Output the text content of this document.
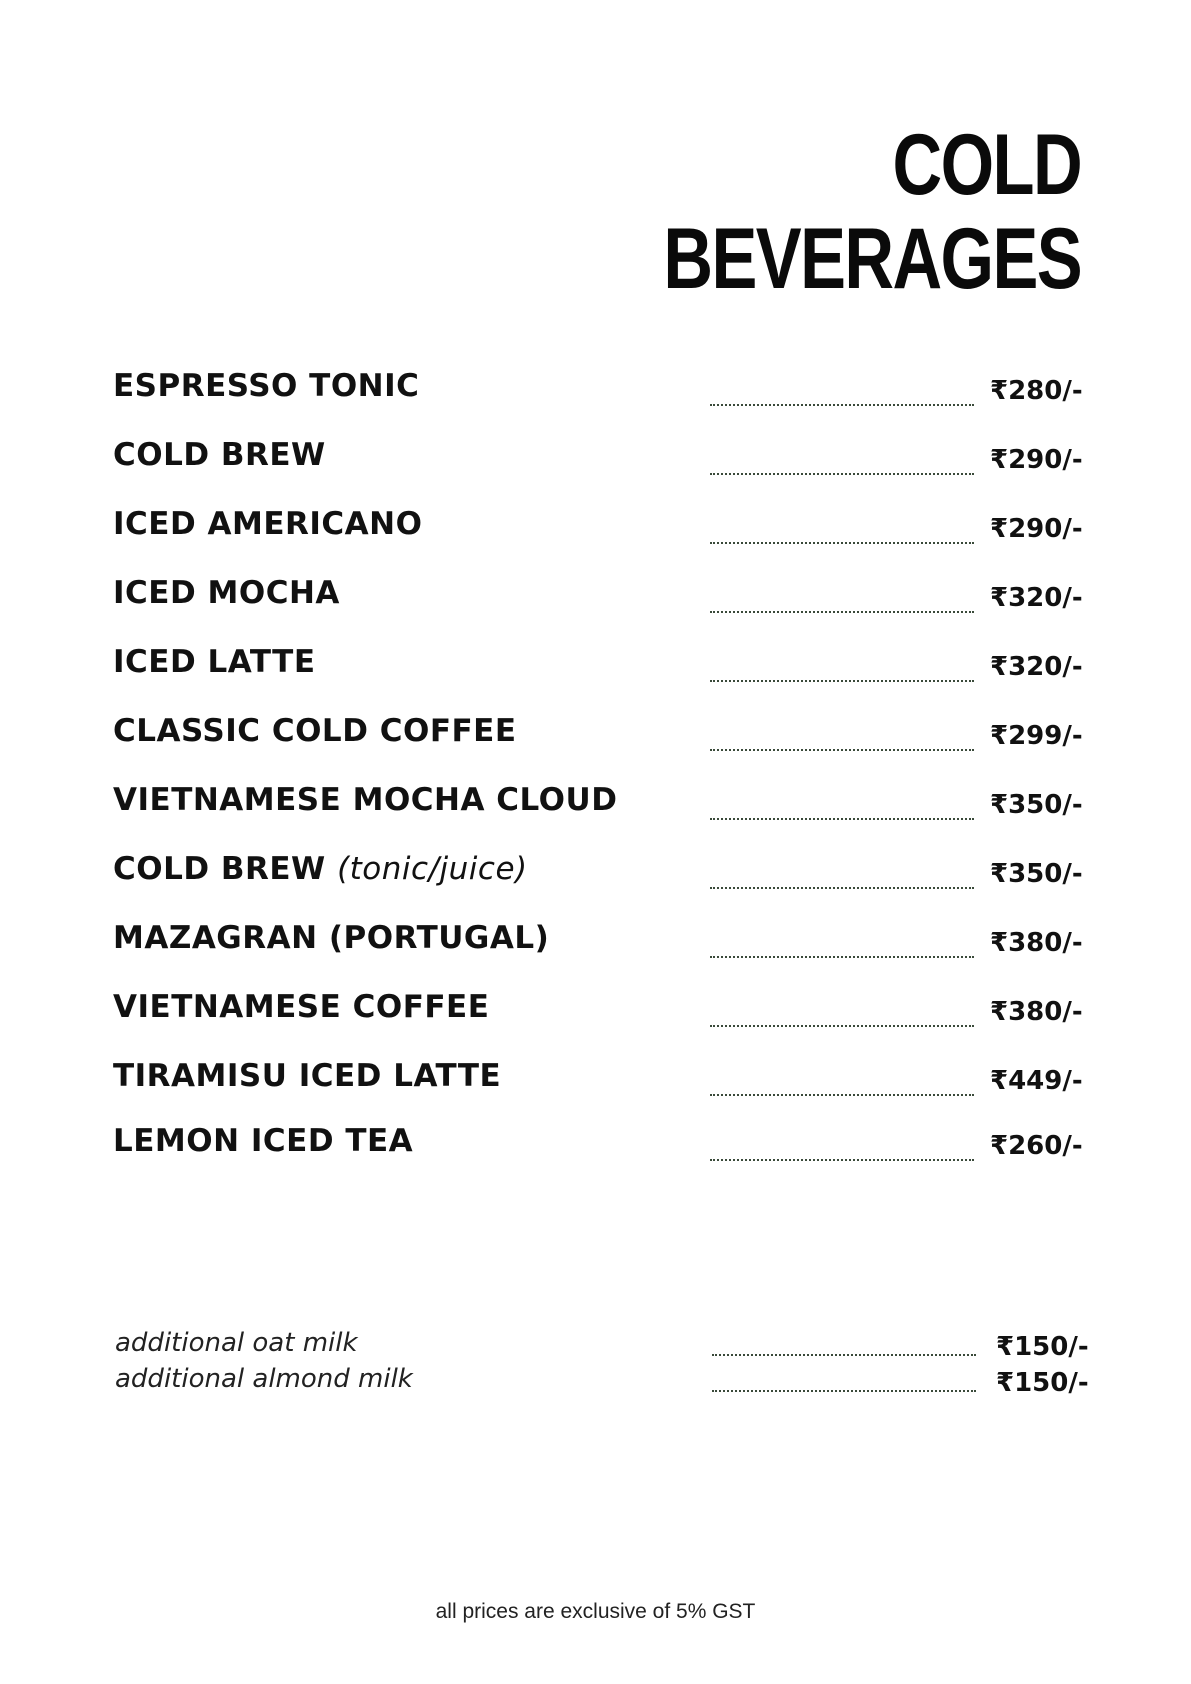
COLD
BEVERAGES
ESPRESSO TONIC	₹280/-
COLD BREW	₹290/-
ICED AMERICANO	₹290/-
ICED MOCHA	₹320/-
ICED LATTE	₹320/-
CLASSIC COLD COFFEE	₹299/-
VIETNAMESE MOCHA CLOUD	₹350/-
COLD BREW (tonic/juice)	₹350/-
MAZAGRAN (PORTUGAL)	₹380/-
VIETNAMESE COFFEE	₹380/-
TIRAMISU ICED LATTE	₹449/-
LEMON ICED TEA	₹260/-
additional oat milk	₹150/-
additional almond milk	₹150/-
all prices are exclusive of 5% GST
